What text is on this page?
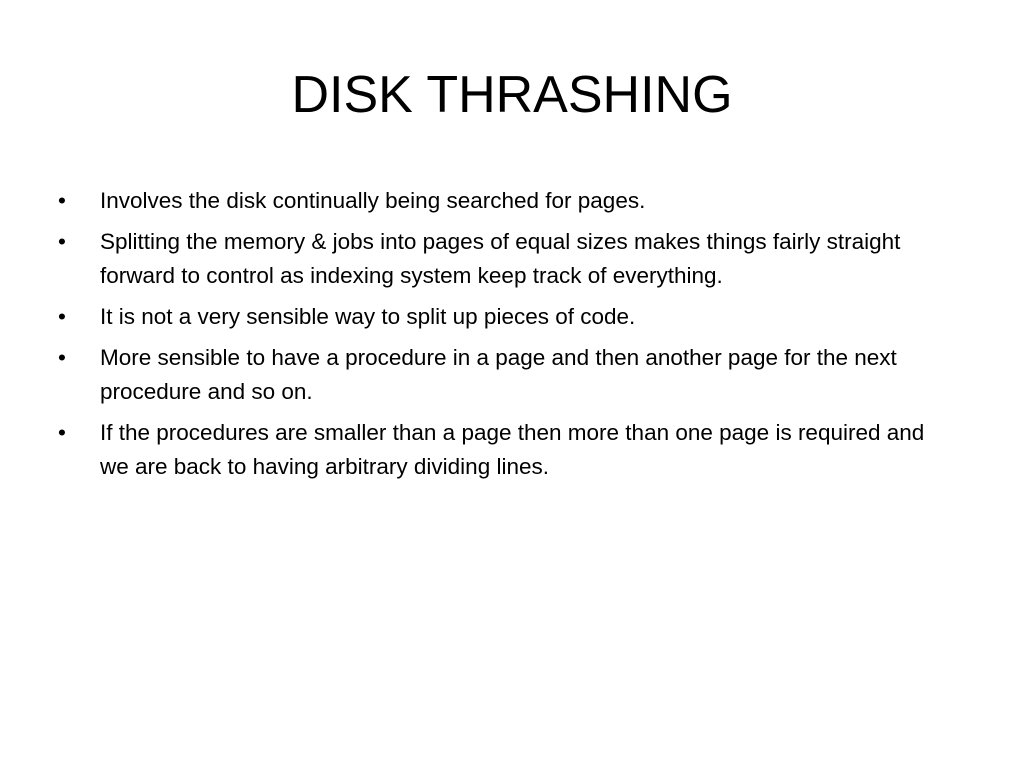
DISK THRASHING
•	Involves the disk continually being searched for pages.
•	Splitting the memory & jobs into pages of equal sizes makes things fairly straight forward to control as indexing system keep track of everything.
•	It is not a very sensible way to split up pieces of code.
•	More sensible to have a procedure in a page and then another page for the next procedure and so on.
•	If the procedures are smaller than a page then more than one page is required and we are back to having arbitrary dividing lines.
